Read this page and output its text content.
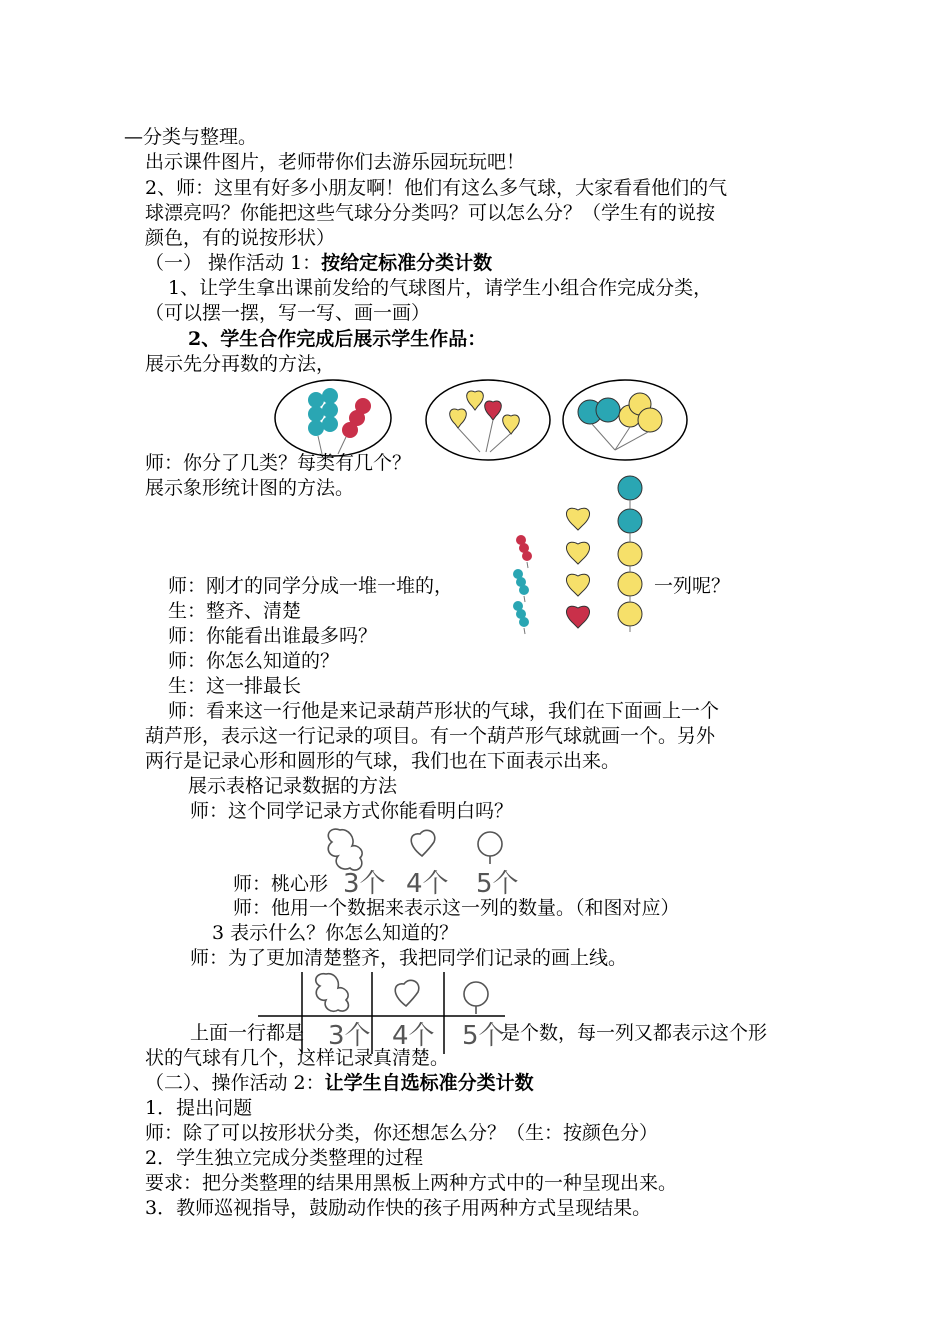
—分类与整理。
出示课件图片，老师带你们去游乐园玩玩吧！
2、师：这里有好多小朋友啊！他们有这么多气球，大家看看他们的气
球漂亮吗？你能把这些气球分分类吗？可以怎么分？（学生有的说按
颜色，有的说按形状）
（一） 操作活动 1：按给定标准分类计数
1、让学生拿出课前发给的气球图片，请学生小组合作完成分类，
（可以摆一摆，写一写、画一画）
2、学生合作完成后展示学生作品：
展示先分再数的方法，
师：你分了几类？每类有几个？
展示象形统计图的方法。
师：刚才的同学分成一堆一堆的，	一列呢？
生：整齐、清楚
师：你能看出谁最多吗？
师：你怎么知道的？
生：这一排最长
师：看来这一行他是来记录葫芦形状的气球，我们在下面画上一个
葫芦形，表示这一行记录的项目。有一个葫芦形气球就画一个。另外
两行是记录心形和圆形的气球，我们也在下面表示出来。
展示表格记录数据的方法
师：这个同学记录方式你能看明白吗？
3个 4个 5个
师：桃心形
师：他用一个数据来表示这一列的数量。（和图对应）
3 表示什么？你怎么知道的？
师：为了更加清楚整齐，我把同学们记录的画上线。
3个 4个 5个
上面一行都是	是个数，每一列又都表示这个形
状的气球有几个，这样记录真清楚。
（二）、操作活动 2：让学生自选标准分类计数
1．提出问题
师：除了可以按形状分类，你还想怎么分？（生：按颜色分）
2．学生独立完成分类整理的过程
要求：把分类整理的结果用黑板上两种方式中的一种呈现出来。
3．教师巡视指导，鼓励动作快的孩子用两种方式呈现结果。
